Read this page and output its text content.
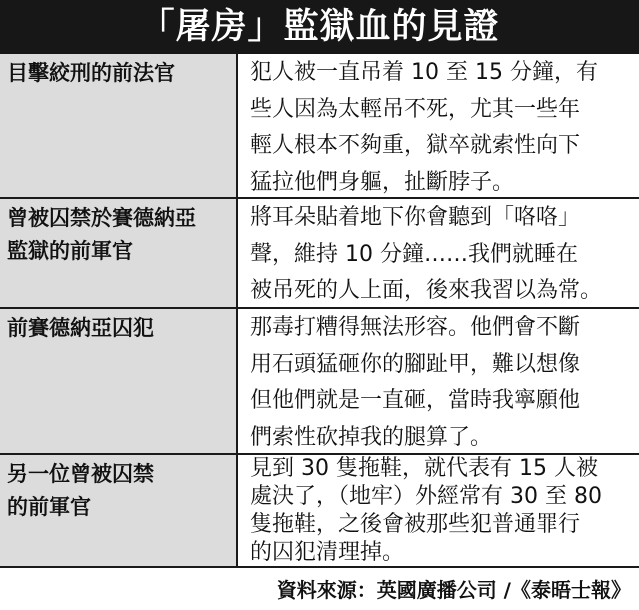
「屠房」監獄血的見證
目擊絞刑的前法官	犯人被一直吊着 10 至 15 分鐘，有
些人因為太輕吊不死，尤其一些年
輕人根本不夠重，獄卒就索性向下
猛拉他們身軀，扯斷脖子。
曾被囚禁於賽德納亞
監獄的前軍官
將耳朵貼着地下你會聽到「咯咯」
聲，維持 10 分鐘……我們就睡在
被吊死的人上面，後來我習以為常。
前賽德納亞囚犯	那毒打糟得無法形容。他們會不斷
用石頭猛砸你的腳趾甲，難以想像
但他們就是一直砸，當時我寧願他
們索性砍掉我的腿算了。
另一位曾被囚禁
的前軍官
見到 30 隻拖鞋，就代表有 15 人被
處決了，（地牢）外經常有 30 至 80
隻拖鞋，之後會被那些犯普通罪行
的囚犯清理掉。
資料來源：英國廣播公司 /《泰晤士報》
